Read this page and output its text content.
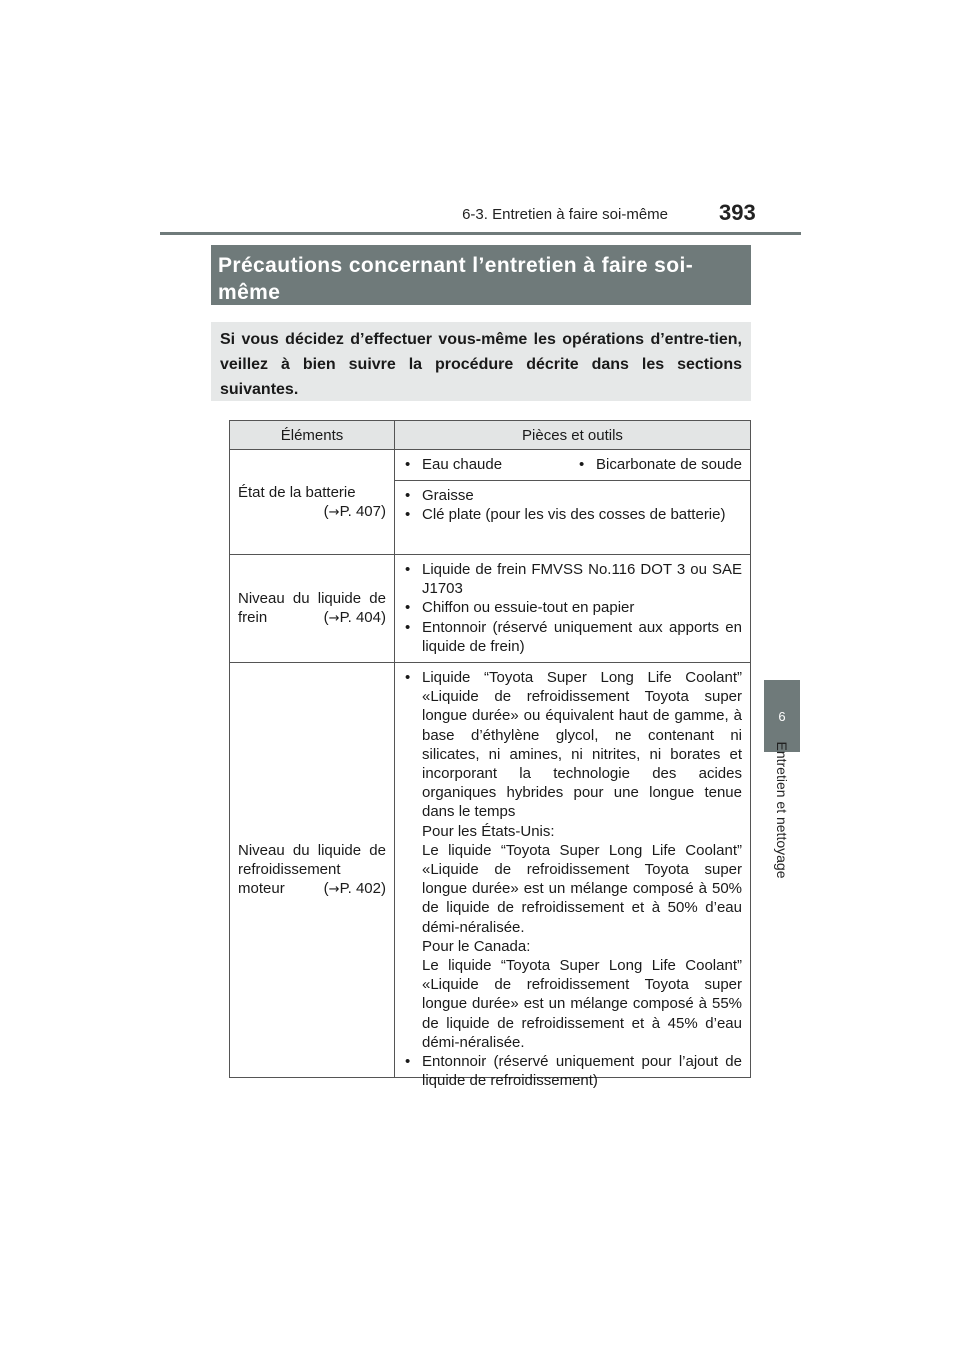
6-3. Entretien à faire soi-même 393
6
Entretien et nettoyage
Précautions concernant l’entretien à faire soi-
même
Si vous décidez d’effectuer vous-même les opérations d’entre-tien, veillez à bien suivre la procédure décrite dans les sections suivantes.
Éléments	Pièces et outils
État de la batterie
(→P. 407)
• Eau chaude
•	Bicarbonate de soude
• Graisse
• Clé plate (pour les vis des cosses de batterie)
Niveau du liquide de
frein	(→P. 404)
• Liquide de frein FMVSS No.116 DOT 3 ou SAE J1703
• Chiffon ou essuie-tout en papier
• Entonnoir (réservé uniquement aux apports en liquide de frein)
Niveau du liquide de
refroidissement
moteur	(→P. 402)
• Liquide “Toyota Super Long Life Coolant” «Liquide de refroidissement Toyota super longue durée» ou équivalent haut de gamme, à base d’éthylène glycol, ne contenant ni silicates, ni amines, ni nitrites, ni borates et incorporant la technologie des acides organiques hybrides pour une longue tenue dans le temps
Pour les États-Unis:
Le liquide “Toyota Super Long Life Coolant” «Liquide de refroidissement Toyota super longue durée» est un mélange composé à 50% de liquide de refroidissement et à 50% d’eau démi-néralisée.
Pour le Canada:
Le liquide “Toyota Super Long Life Coolant” «Liquide de refroidissement Toyota super longue durée» est un mélange composé à 55% de liquide de refroidissement et à 45% d’eau démi-néralisée.
• Entonnoir (réservé uniquement pour l’ajout de liquide de refroidissement)
